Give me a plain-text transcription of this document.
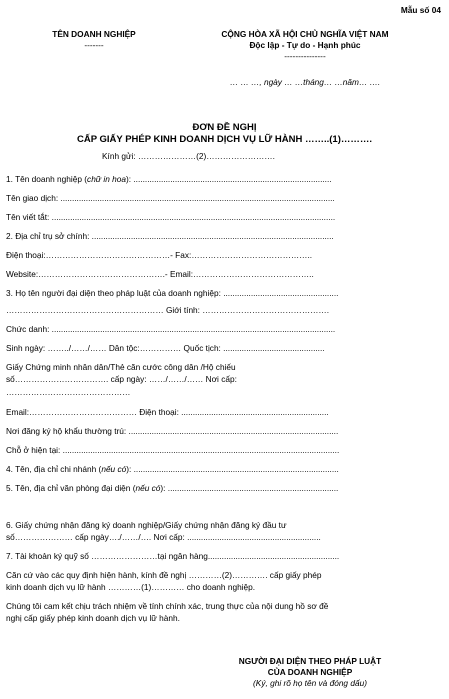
Mẫu số 04
TÊN DOANH NGHIỆP
-------
CỘNG HÒA XÃ HỘI CHỦ NGHĨA VIỆT NAM
Độc lập - Tự do - Hạnh phúc
---------------
… … …, ngày … …tháng… …năm… ….
ĐƠN ĐỀ NGHỊ
CẤP GIẤY PHÉP KINH DOANH DỊCH VỤ LỮ HÀNH ……..(1)……….
Kính gửi: …………………(2)…………………….
1. Tên doanh nghiệp (chữ in hoa): ......................................................................................
Tên giao dịch: .......................................................................................................................
Tên viết tắt: ...........................................................................................................................
2. Địa chỉ trụ sở chính: .........................................................................................................
Điện thoại:………………………………………- Fax:……………………………………..
Website:……………………………………….- Email:……………………………………..
3. Họ tên người đại diện theo pháp luật của doanh nghiệp: ..................................................
………………………………………………… Giới tính: ……………………………………….
Chức danh: ...........................................................................................................................
Sinh ngày: ……../……/…… Dân tộc:…………… Quốc tịch: ............................................
Giấy Chứng minh nhân dân/Thẻ căn cước công dân /Hộ chiếu
số……………………………. cấp ngày: ……/……/…… Nơi cấp:
………………………………………
Email:………………………………… Điện thoại: ................................................................
Nơi đăng ký hộ khẩu thường trú: ...........................................................................................
Chỗ ở hiện tại: ........................................................................................................................
4. Tên, địa chỉ chi nhánh (nếu có): .........................................................................................
5. Tên, địa chỉ văn phòng đại diện (nếu có): ..........................................................................
6. Giấy chứng nhận đăng ký doanh nghiệp/Giấy chứng nhận đăng ký đầu tư
số………………… cấp ngày…./……/…. Nơi cấp: ..........................................................
7. Tài khoản ký quỹ số ……………………tại ngân hàng.........................................................
Căn cứ vào các quy định hiện hành, kính đề nghị …………(2)…………. cấp giấy phép
kinh doanh dịch vụ lữ hành …………(1)………… cho doanh nghiệp.
Chúng tôi cam kết chịu trách nhiệm về tính chính xác, trung thực của nội dung hồ sơ đề
nghị cấp giấy phép kinh doanh dịch vụ lữ hành.
NGƯỜI ĐẠI DIỆN THEO PHÁP LUẬT
CỦA DOANH NGHIỆP
(Ký, ghi rõ họ tên và đóng dấu)
